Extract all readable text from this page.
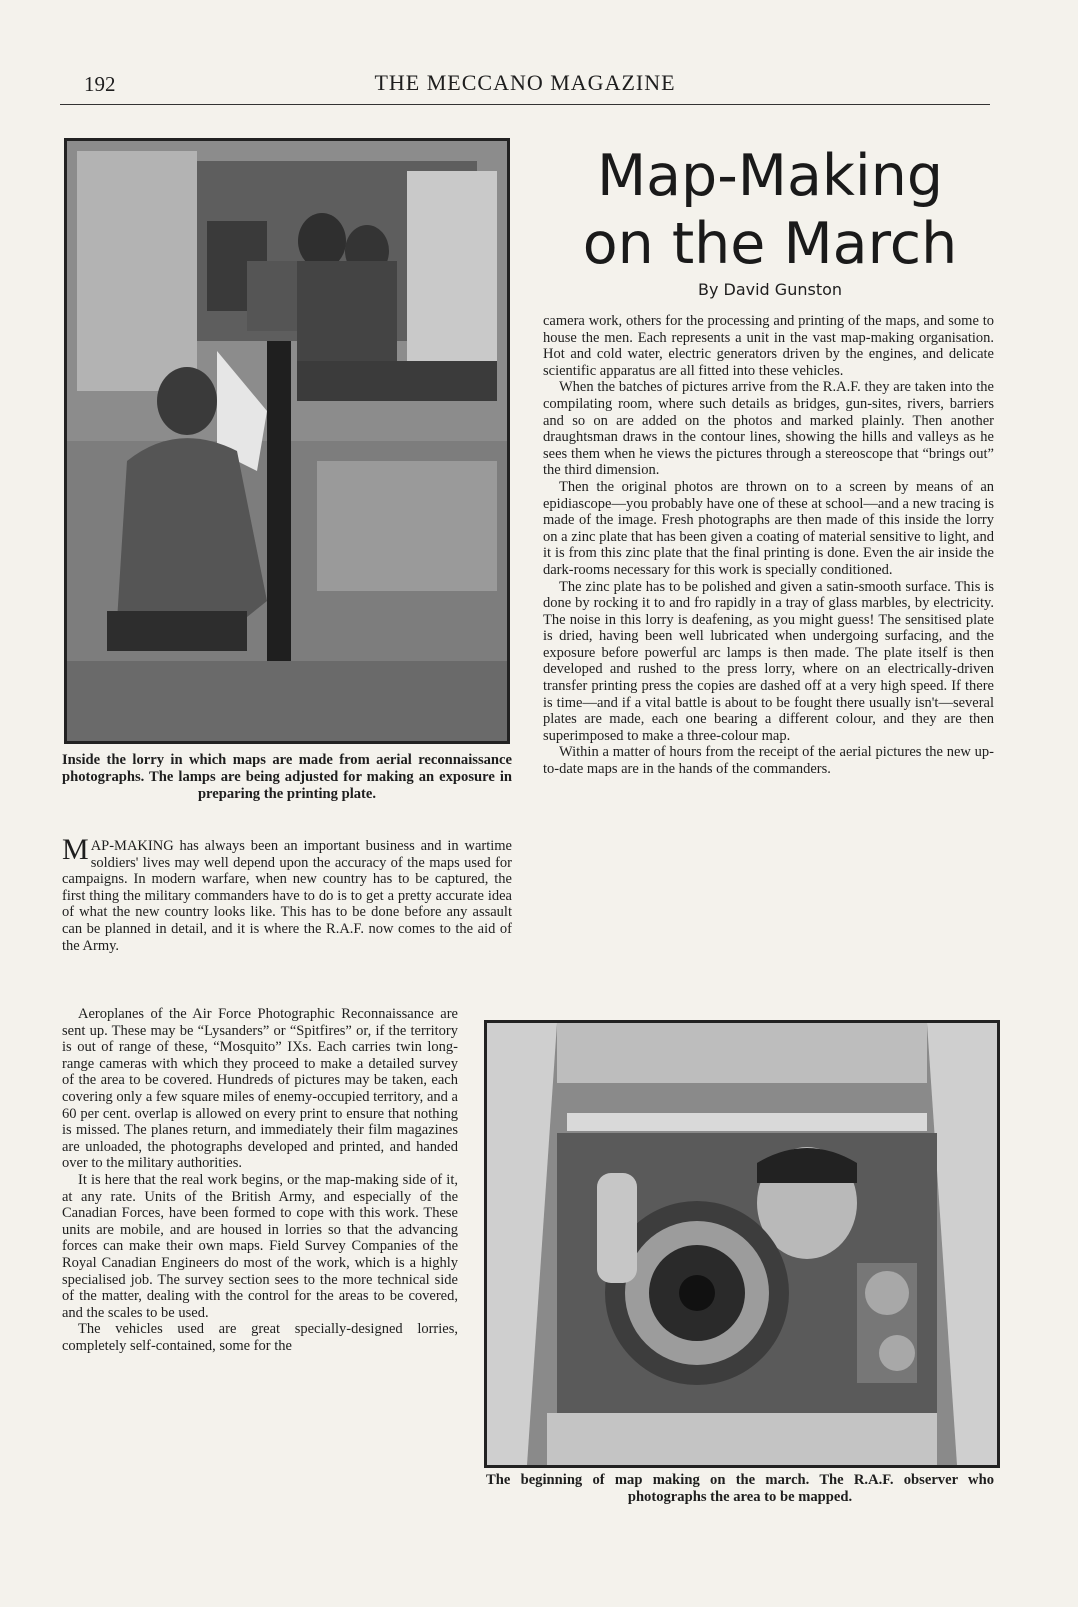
192	THE MECCANO MAGAZINE
Inside the lorry in which maps are made from aerial reconnaissance photographs. The lamps are being adjusted for making an exposure in preparing the printing plate.
Map-Making
on the March
By David Gunston

MAP-MAKING has always been an important business and in wartime soldiers' lives may well depend upon the accuracy of the maps used for campaigns. In modern warfare, when new country has to be captured, the first thing the military commanders have to do is to get a pretty accurate idea of what the new country looks like. This has to be done before any assault can be planned in detail, and it is where the R.A.F. now comes to the aid of the Army.

Aeroplanes of the Air Force Photographic Reconnaissance are sent up. These may be “Lysanders” or “Spitfires” or, if the territory is out of range of these, “Mosquito” IXs. Each carries twin long-range cameras with which they proceed to make a detailed survey of the area to be covered. Hundreds of pictures may be taken, each covering only a few square miles of enemy-occupied territory, and a 60 per cent. overlap is allowed on every print to ensure that nothing is missed. The planes return, and immediately their film magazines are unloaded, the photographs developed and printed, and handed over to the military authorities.

It is here that the real work begins, or the map-making side of it, at any rate. Units of the British Army, and especially of the Canadian Forces, have been formed to cope with this work. These units are mobile, and are housed in lorries so that the advancing forces can make their own maps. Field Survey Companies of the Royal Canadian Engineers do most of the work, which is a highly specialised job. The survey section sees to the more technical side of the matter, dealing with the control for the areas to be covered, and the scales to be used.

The vehicles used are great specially-designed lorries, completely self-contained, some for the

camera work, others for the processing and printing of the maps, and some to house the men. Each represents a unit in the vast map-making organisation. Hot and cold water, electric generators driven by the engines, and delicate scientific apparatus are all fitted into these vehicles.

When the batches of pictures arrive from the R.A.F. they are taken into the compilating room, where such details as bridges, gun-sites, rivers, barriers and so on are added on the photos and marked plainly. Then another draughtsman draws in the contour lines, showing the hills and valleys as he sees them when he views the pictures through a stereoscope that “brings out” the third dimension.

Then the original photos are thrown on to a screen by means of an epidiascope—you probably have one of these at school—and a new tracing is made of the image. Fresh photographs are then made of this inside the lorry on a zinc plate that has been given a coating of material sensitive to light, and it is from this zinc plate that the final printing is done. Even the air inside the dark-rooms necessary for this work is specially conditioned.

The zinc plate has to be polished and given a satin-smooth surface. This is done by rocking it to and fro rapidly in a tray of glass marbles, by electricity. The noise in this lorry is deafening, as you might guess! The sensitised plate is dried, having been well lubricated when undergoing surfacing, and the exposure before powerful arc lamps is then made. The plate itself is then developed and rushed to the press lorry, where on an electrically-driven transfer printing press the copies are dashed off at a very high speed. If there is time—and if a vital battle is about to be fought there usually isn't—several plates are made, each one bearing a different colour, and they are then superimposed to make a three-colour map.

Within a matter of hours from the receipt of the aerial pictures the new up-to-date maps are in the hands of the commanders.

The beginning of map making on the march. The R.A.F. observer who photographs the area to be mapped.
